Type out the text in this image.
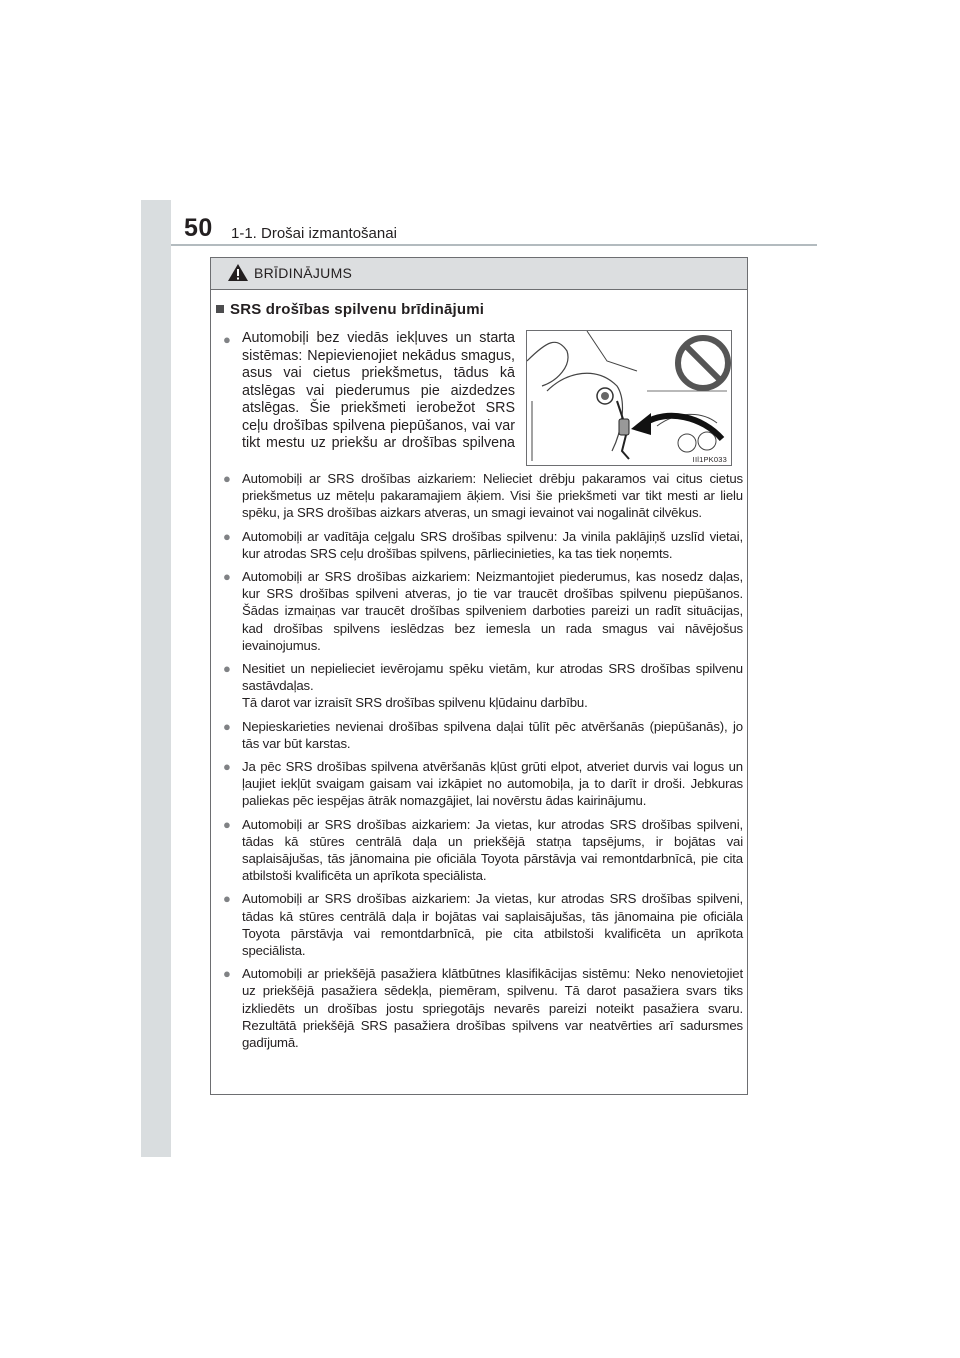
50 1-1. Drošai izmantošanai
BRĪDINĀJUMS
SRS drošības spilvenu brīdinājumi
● Automobiļi bez viedās iekļuves un starta sistēmas: Nepievienojiet nekādus smagus, asus vai cietus priekšmetus, tādus kā atslēgas vai piederumus pie aizdedzes atslēgas. Šie priekšmeti ierobežot SRS ceļu drošības spilvena piepūšanos, vai var tikt mestu uz priekšu ar drošības spilvena
IIl1PK033
● Automobiļi ar SRS drošības aizkariem: Nelieciet drēbju pakaramos vai citus cietus priekšmetus uz mēteļu pakaramajiem āķiem. Visi šie priekšmeti var tikt mesti ar lielu spēku, ja SRS drošības aizkars atveras, un smagi ievainot vai nogalināt cilvēkus.
● Automobiļi ar vadītāja ceļgalu SRS drošības spilvenu: Ja vinila paklājiņš uzslīd vietai, kur atrodas SRS ceļu drošības spilvens, pārliecinieties, ka tas tiek noņemts.
● Automobiļi ar SRS drošības aizkariem: Neizmantojiet piederumus, kas nosedz daļas, kur SRS drošības spilveni atveras, jo tie var traucēt drošības spilvenu piepūšanos. Šādas izmaiņas var traucēt drošības spilveniem darboties pareizi un radīt situācijas, kad drošības spilvens ieslēdzas bez iemesla un rada smagus vai nāvējošus ievainojumus.
● Nesitiet un nepielieciet ievērojamu spēku vietām, kur atrodas SRS drošības spilvenu sastāvdaļas.
Tā darot var izraisīt SRS drošības spilvenu kļūdainu darbību.
● Nepieskarieties nevienai drošības spilvena daļai tūlīt pēc atvēršanās (piepūšanās), jo tās var būt karstas.
● Ja pēc SRS drošības spilvena atvēršanās kļūst grūti elpot, atveriet durvis vai logus un ļaujiet iekļūt svaigam gaisam vai izkāpiet no automobiļa, ja to darīt ir droši. Jebkuras paliekas pēc iespējas ātrāk nomazgājiet, lai novērstu ādas kairinājumu.
● Automobiļi ar SRS drošības aizkariem: Ja vietas, kur atrodas SRS drošības spilveni, tādas kā stūres centrālā daļa un priekšējā statņa tapsējums, ir bojātas vai saplaisājušas, tās jānomaina pie oficiāla Toyota pārstāvja vai remontdarbnīcā, pie cita atbilstoši kvalificēta un aprīkota speciālista.
● Automobiļi ar SRS drošības aizkariem: Ja vietas, kur atrodas SRS drošības spilveni, tādas kā stūres centrālā daļa ir bojātas vai saplaisājušas, tās jānomaina pie oficiāla Toyota pārstāvja vai remontdarbnīcā, pie cita atbilstoši kvalificēta un aprīkota speciālista.
● Automobiļi ar priekšējā pasažiera klātbūtnes klasifikācijas sistēmu: Neko nenovietojiet uz priekšējā pasažiera sēdekļa, piemēram, spilvenu. Tā darot pasažiera svars tiks izkliedēts un drošības jostu spriegotājs nevarēs pareizi noteikt pasažiera svaru. Rezultātā priekšējā SRS pasažiera drošības spilvens var neatvērties arī sadursmes gadījumā.
